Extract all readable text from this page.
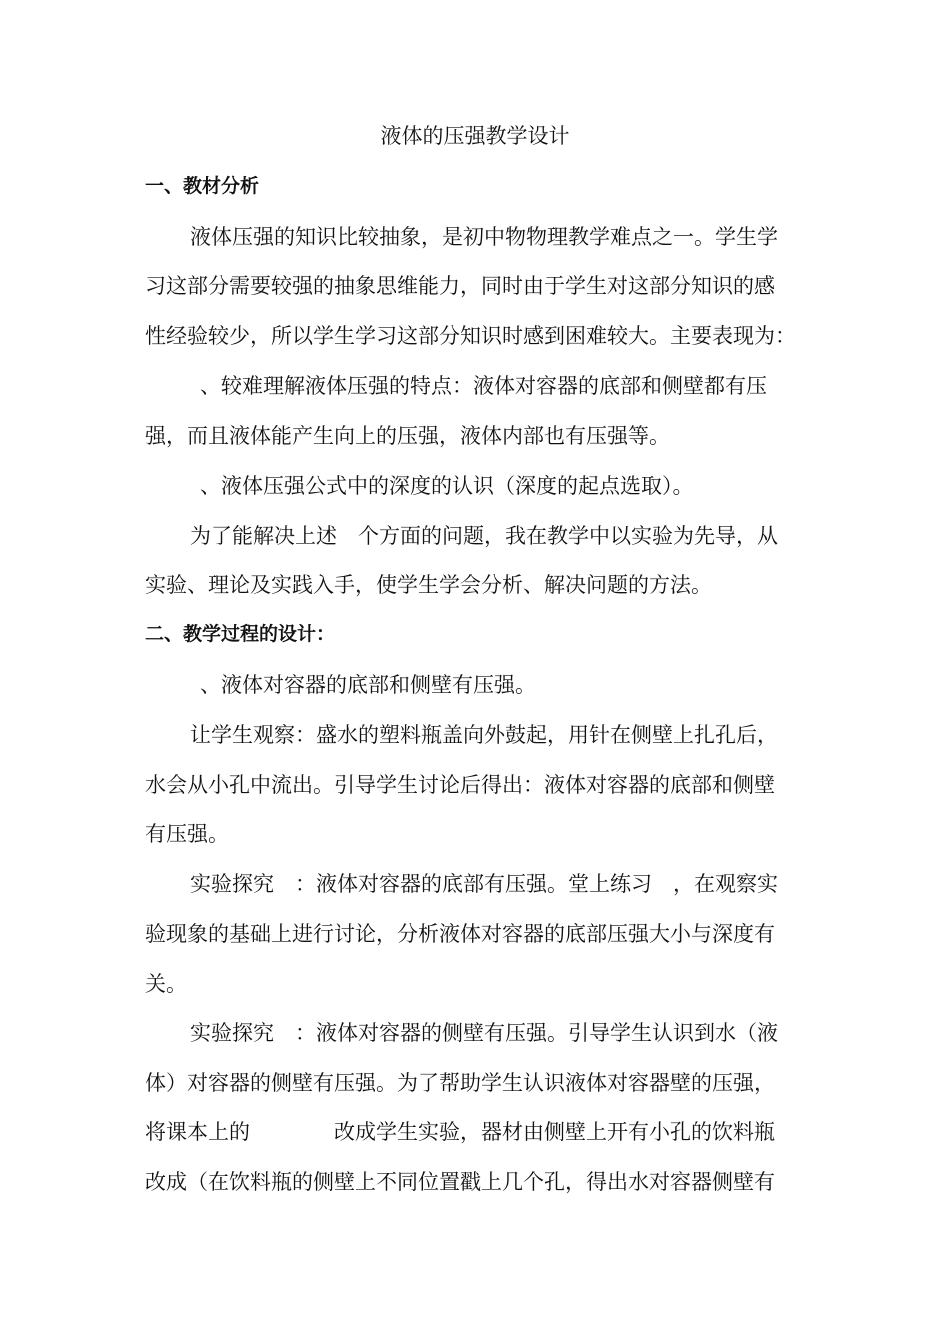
液体的压强教学设计
一、教材分析
液体压强的知识比较抽象，是初中物物理教学难点之一。学生学
习这部分需要较强的抽象思维能力，同时由于学生对这部分知识的感
性经验较少，所以学生学习这部分知识时感到困难较大。主要表现为：
、较难理解液体压强的特点：液体对容器的底部和侧壁都有压
强，而且液体能产生向上的压强，液体内部也有压强等。
、液体压强公式中的深度的认识（深度的起点选取）。
为了能解决上述　个方面的问题，我在教学中以实验为先导，从
实验、理论及实践入手，使学生学会分析、解决问题的方法。
二、教学过程的设计：
、液体对容器的底部和侧壁有压强。
让学生观察：盛水的塑料瓶盖向外鼓起，用针在侧壁上扎孔后，
水会从小孔中流出。引导学生讨论后得出：液体对容器的底部和侧壁
有压强。
实验探究　：液体对容器的底部有压强。堂上练习　，在观察实
验现象的基础上进行讨论，分析液体对容器的底部压强大小与深度有
关。
实验探究　：液体对容器的侧壁有压强。引导学生认识到水（液
体）对容器的侧壁有压强。为了帮助学生认识液体对容器壁的压强，
将课本上的　　　　改成学生实验，器材由侧壁上开有小孔的饮料瓶
改成（在饮料瓶的侧壁上不同位置戳上几个孔，得出水对容器侧壁有
